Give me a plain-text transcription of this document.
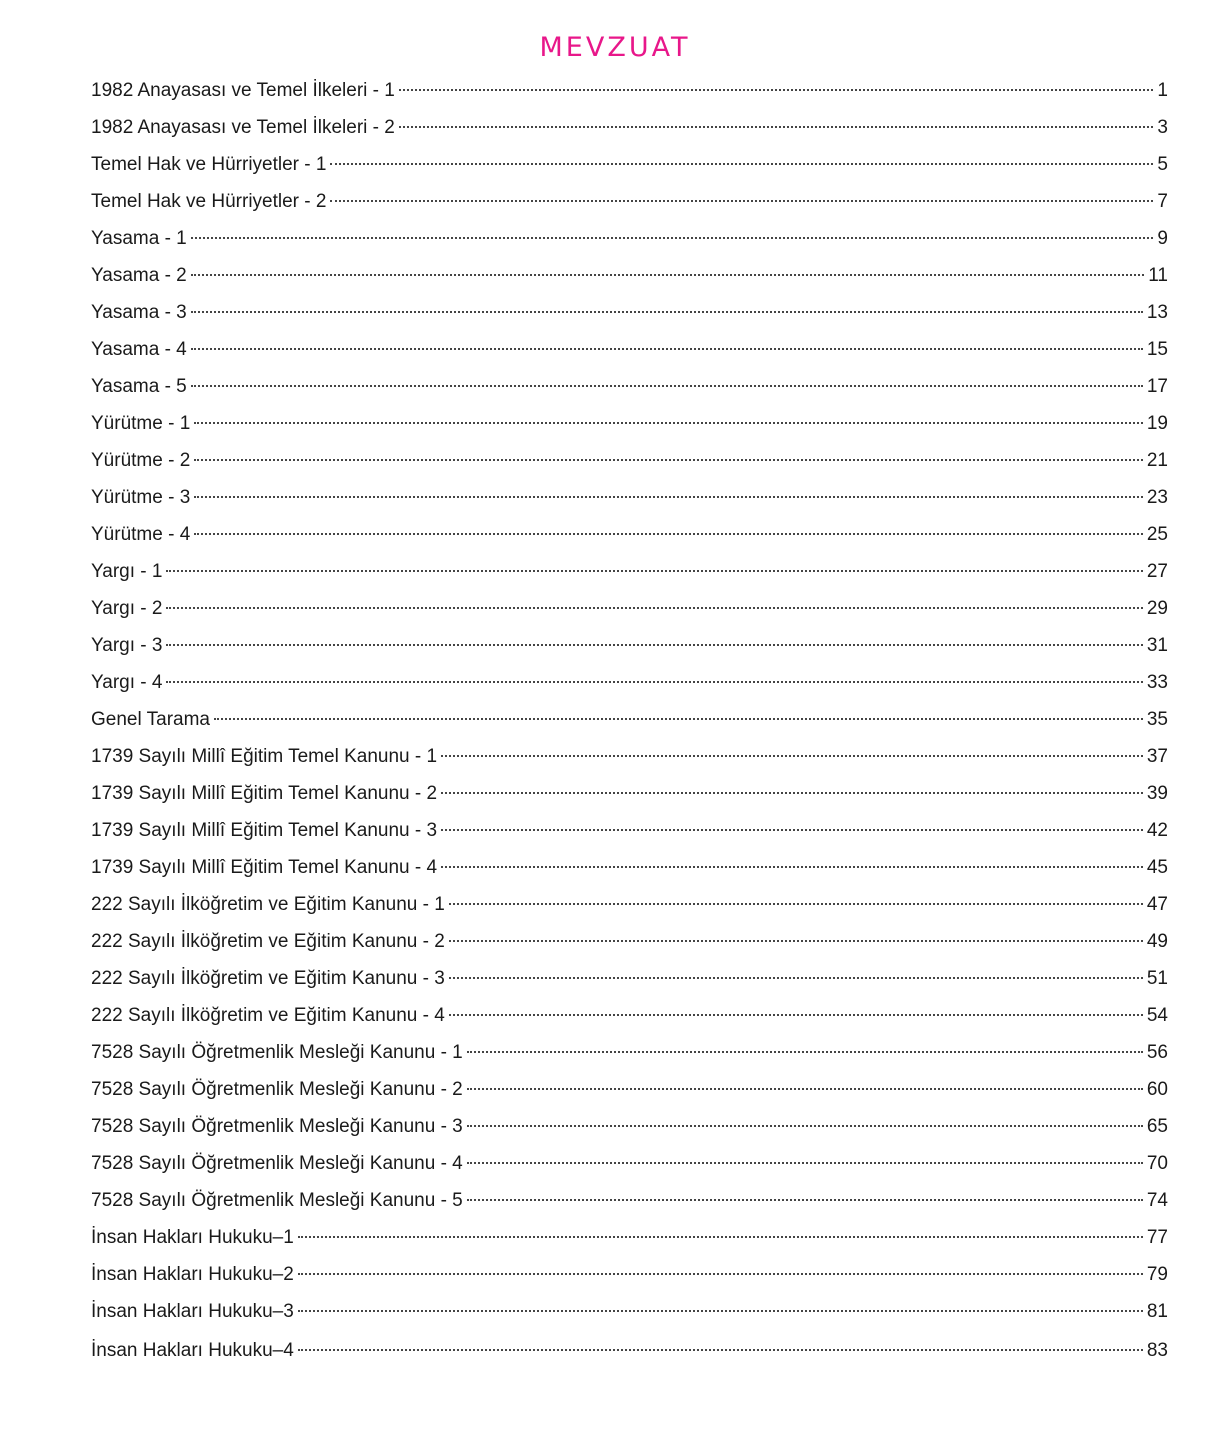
MEVZUAT
1982 Anayasası ve Temel İlkeleri - 1	1
1982 Anayasası ve Temel İlkeleri - 2	3
Temel Hak ve Hürriyetler - 1	5
Temel Hak ve Hürriyetler - 2	7
Yasama - 1	9
Yasama - 2	11
Yasama - 3	13
Yasama - 4	15
Yasama - 5	17
Yürütme - 1	19
Yürütme - 2	21
Yürütme - 3	23
Yürütme - 4	25
Yargı - 1	27
Yargı - 2	29
Yargı - 3	31
Yargı - 4	33
Genel Tarama	35
1739 Sayılı Millî Eğitim Temel Kanunu - 1	37
1739 Sayılı Millî Eğitim Temel Kanunu - 2	39
1739 Sayılı Millî Eğitim Temel Kanunu - 3	42
1739 Sayılı Millî Eğitim Temel Kanunu - 4	45
222 Sayılı İlköğretim ve Eğitim Kanunu - 1	47
222 Sayılı İlköğretim ve Eğitim Kanunu - 2	49
222 Sayılı İlköğretim ve Eğitim Kanunu - 3	51
222 Sayılı İlköğretim ve Eğitim Kanunu - 4	54
7528 Sayılı Öğretmenlik Mesleği Kanunu - 1	56
7528 Sayılı Öğretmenlik Mesleği Kanunu - 2	60
7528 Sayılı Öğretmenlik Mesleği Kanunu - 3	65
7528 Sayılı Öğretmenlik Mesleği Kanunu - 4	70
7528 Sayılı Öğretmenlik Mesleği Kanunu - 5	74
İnsan Hakları Hukuku–1	77
İnsan Hakları Hukuku–2	79
İnsan Hakları Hukuku–3	81
İnsan Hakları Hukuku–4	83
